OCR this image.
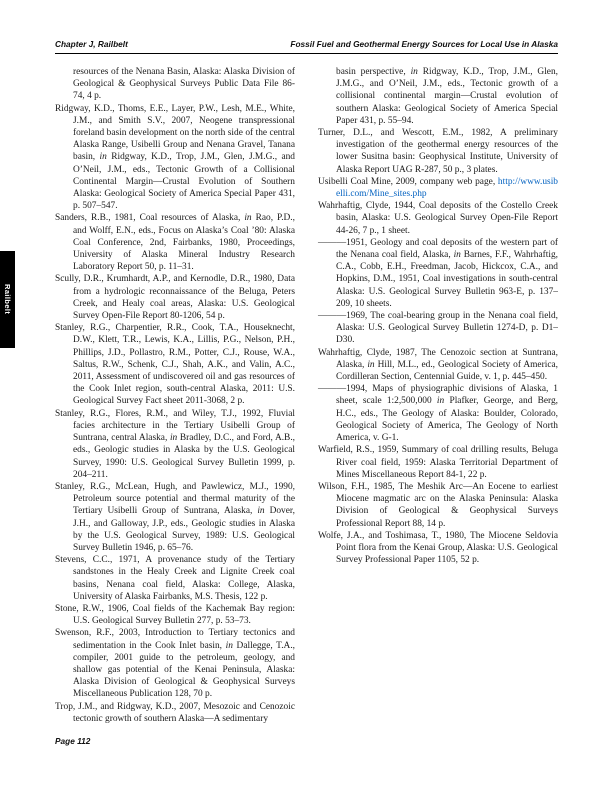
Railbelt
Chapter J, Railbelt	Fossil Fuel and Geothermal Energy Sources for Local Use in Alaska

resources of the Nenana Basin, Alaska: Alaska Division of Geological & Geophysical Surveys Public Data File 86-74, 4 p.

Ridgway, K.D., Thoms, E.E., Layer, P.W., Lesh, M.E., White, J.M., and Smith S.V., 2007, Neogene transpressional foreland basin development on the north side of the central Alaska Range, Usibelli Group and Nenana Gravel, Tanana basin, in Ridgway, K.D., Trop, J.M., Glen, J.M.G., and O’Neil, J.M., eds., Tectonic Growth of a Collisional Continental Margin—Crustal Evolution of Southern Alaska: Geological Society of America Special Paper 431, p. 507–547.

Sanders, R.B., 1981, Coal resources of Alaska, in Rao, P.D., and Wolff, E.N., eds., Focus on Alaska’s Coal ’80: Alaska Coal Conference, 2nd, Fairbanks, 1980, Proceedings, University of Alaska Mineral Industry Research Laboratory Report 50, p. 11–31.

Scully, D.R., Krumhardt, A.P., and Kernodle, D.R., 1980, Data from a hydrologic reconnaissance of the Beluga, Peters Creek, and Healy coal areas, Alaska: U.S. Geological Survey Open-File Report 80-1206, 54 p.

Stanley, R.G., Charpentier, R.R., Cook, T.A., Houseknecht, D.W., Klett, T.R., Lewis, K.A., Lillis, P.G., Nelson, P.H., Phillips, J.D., Pollastro, R.M., Potter, C.J., Rouse, W.A., Saltus, R.W., Schenk, C.J., Shah, A.K., and Valin, A.C., 2011, Assessment of undiscovered oil and gas resources of the Cook Inlet region, south-central Alaska, 2011: U.S. Geological Survey Fact sheet 2011-3068, 2 p.

Stanley, R.G., Flores, R.M., and Wiley, T.J., 1992, Fluvial facies architecture in the Tertiary Usibelli Group of Suntrana, central Alaska, in Bradley, D.C., and Ford, A.B., eds., Geologic studies in Alaska by the U.S. Geological Survey, 1990: U.S. Geological Survey Bulletin 1999, p. 204–211.

Stanley, R.G., McLean, Hugh, and Pawlewicz, M.J., 1990, Petroleum source potential and thermal maturity of the Tertiary Usibelli Group of Suntrana, Alaska, in Dover, J.H., and Galloway, J.P., eds., Geologic studies in Alaska by the U.S. Geological Survey, 1989: U.S. Geological Survey Bulletin 1946, p. 65–76.

Stevens, C.C., 1971, A provenance study of the Tertiary sandstones in the Healy Creek and Lignite Creek coal basins, Nenana coal field, Alaska: College, Alaska, University of Alaska Fairbanks, M.S. Thesis, 122 p.

Stone, R.W., 1906, Coal fields of the Kachemak Bay region: U.S. Geological Survey Bulletin 277, p. 53–73.

Swenson, R.F., 2003, Introduction to Tertiary tectonics and sedimentation in the Cook Inlet basin, in Dallegge, T.A., compiler, 2001 guide to the petroleum, geology, and shallow gas potential of the Kenai Peninsula, Alaska: Alaska Division of Geological & Geophysical Surveys Miscellaneous Publication 128, 70 p.

Trop, J.M., and Ridgway, K.D., 2007, Mesozoic and Cenozoic tectonic growth of southern Alaska—A sedimentary

basin perspective, in Ridgway, K.D., Trop, J.M., Glen, J.M.G., and O’Neil, J.M., eds., Tectonic growth of a collisional continental margin—Crustal evolution of southern Alaska: Geological Society of America Special Paper 431, p. 55–94.

Turner, D.L., and Wescott, E.M., 1982, A preliminary investigation of the geothermal energy resources of the lower Susitna basin: Geophysical Institute, University of Alaska Report UAG R-287, 50 p., 3 plates.

Usibelli Coal Mine, 2009, company web page, http://www.usibelli.com/Mine_sites.php

Wahrhaftig, Clyde, 1944, Coal deposits of the Costello Creek basin, Alaska: U.S. Geological Survey Open-File Report 44-26, 7 p., 1 sheet.

———1951, Geology and coal deposits of the western part of the Nenana coal field, Alaska, in Barnes, F.F., Wahrhaftig, C.A., Cobb, E.H., Freedman, Jacob, Hickcox, C.A., and Hopkins, D.M., 1951, Coal investigations in south-central Alaska: U.S. Geological Survey Bulletin 963-E, p. 137–209, 10 sheets.

———1969, The coal-bearing group in the Nenana coal field, Alaska: U.S. Geological Survey Bulletin 1274-D, p. D1–D30.

Wahrhaftig, Clyde, 1987, The Cenozoic section at Suntrana, Alaska, in Hill, M.L., ed., Geological Society of America, Cordilleran Section, Centennial Guide, v. 1, p. 445–450.

———1994, Maps of physiographic divisions of Alaska, 1 sheet, scale 1:2,500,000 in Plafker, George, and Berg, H.C., eds., The Geology of Alaska: Boulder, Colorado, Geological Society of America, The Geology of North America, v. G-1.

Warfield, R.S., 1959, Summary of coal drilling results, Beluga River coal field, 1959: Alaska Territorial Department of Mines Miscellaneous Report 84-1, 22 p.

Wilson, F.H., 1985, The Meshik Arc—An Eocene to earliest Miocene magmatic arc on the Alaska Peninsula: Alaska Division of Geological & Geophysical Surveys Professional Report 88, 14 p.

Wolfe, J.A., and Toshimasa, T., 1980, The Miocene Seldovia Point flora from the Kenai Group, Alaska: U.S. Geological Survey Professional Paper 1105, 52 p.

Page 112
